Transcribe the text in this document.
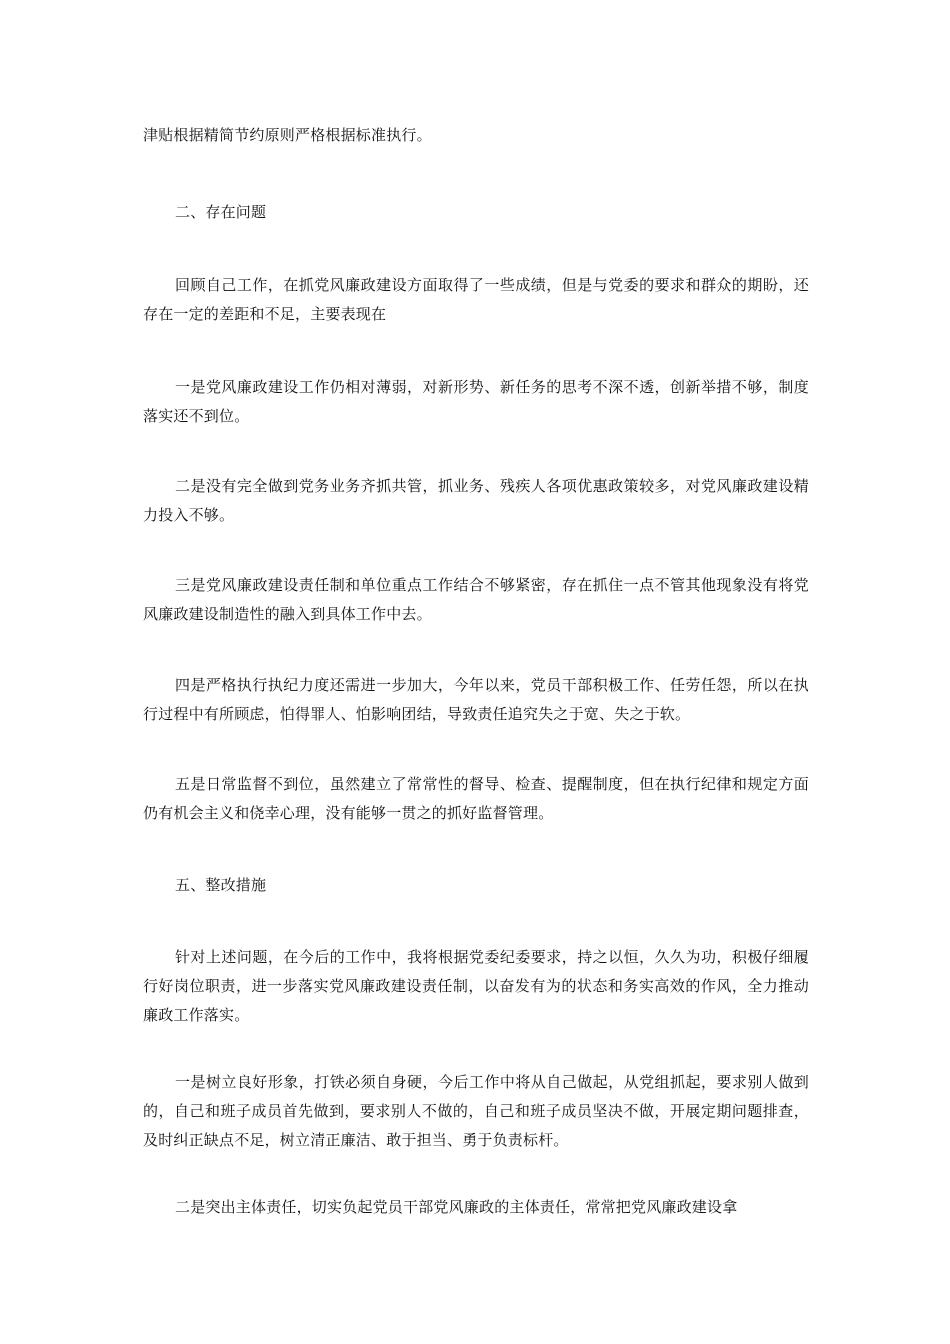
津贴根据精简节约原则严格根据标准执行。

二、存在问题

回顾自己工作，在抓党风廉政建设方面取得了一些成绩，但是与党委的要求和群众的期盼，还存在一定的差距和不足，主要表现在

一是党风廉政建设工作仍相对薄弱，对新形势、新任务的思考不深不透，创新举措不够，制度落实还不到位。

二是没有完全做到党务业务齐抓共管，抓业务、残疾人各项优惠政策较多，对党风廉政建设精力投入不够。

三是党风廉政建设责任制和单位重点工作结合不够紧密，存在抓住一点不管其他现象没有将党风廉政建设制造性的融入到具体工作中去。

四是严格执行执纪力度还需进一步加大，今年以来，党员干部积极工作、任劳任怨，所以在执行过程中有所顾虑，怕得罪人、怕影响团结，导致责任追究失之于宽、失之于软。

五是日常监督不到位，虽然建立了常常性的督导、检查、提醒制度，但在执行纪律和规定方面仍有机会主义和侥幸心理，没有能够一贯之的抓好监督管理。

五、整改措施

针对上述问题，在今后的工作中，我将根据党委纪委要求，持之以恒，久久为功，积极仔细履行好岗位职责，进一步落实党风廉政建设责任制，以奋发有为的状态和务实高效的作风，全力推动廉政工作落实。

一是树立良好形象，打铁必须自身硬，今后工作中将从自己做起，从党组抓起，要求别人做到的，自己和班子成员首先做到，要求别人不做的，自己和班子成员坚决不做，开展定期问题排查，及时纠正缺点不足，树立清正廉洁、敢于担当、勇于负责标杆。

二是突出主体责任，切实负起党员干部党风廉政的主体责任，常常把党风廉政建设拿
